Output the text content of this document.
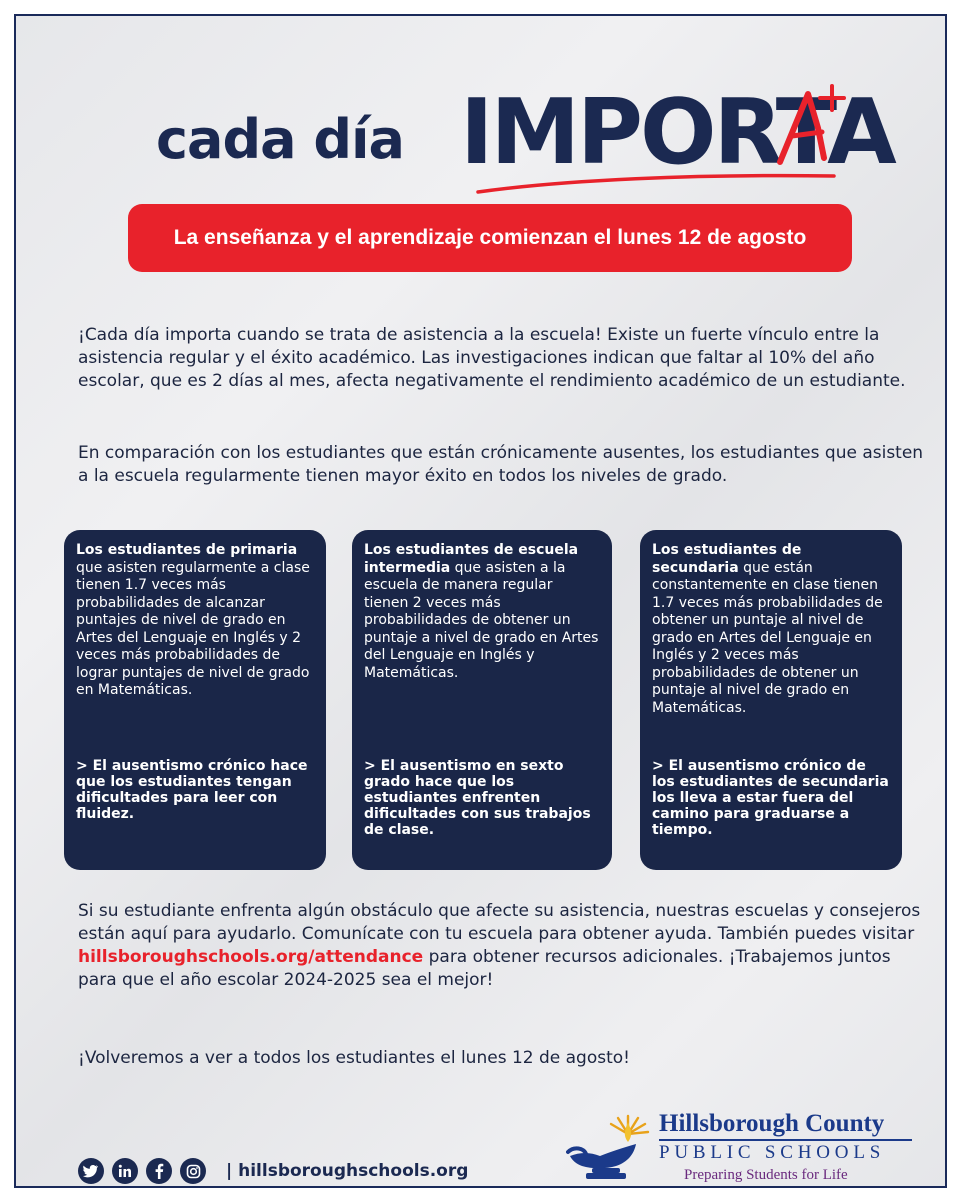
cada día IMPORTA
La enseñanza y el aprendizaje comienzan el lunes 12 de agosto

¡Cada día importa cuando se trata de asistencia a la escuela! Existe un fuerte vínculo entre la asistencia regular y el éxito académico. Las investigaciones indican que faltar al 10% del año escolar, que es 2 días al mes, afecta negativamente el rendimiento académico de un estudiante.

En comparación con los estudiantes que están crónicamente ausentes, los estudiantes que asisten a la escuela regularmente tienen mayor éxito en todos los niveles de grado.

Los estudiantes de primaria que asisten regularmente a clase tienen 1.7 veces más probabilidades de alcanzar puntajes de nivel de grado en Artes del Lenguaje en Inglés y 2 veces más probabilidades de lograr puntajes de nivel de grado en Matemáticas.

> El ausentismo crónico hace que los estudiantes tengan dificultades para leer con fluidez.

Los estudiantes de escuela intermedia que asisten a la escuela de manera regular tienen 2 veces más probabilidades de obtener un puntaje a nivel de grado en Artes del Lenguaje en Inglés y Matemáticas.

> El ausentismo en sexto grado hace que los estudiantes enfrenten dificultades con sus trabajos de clase.

Los estudiantes de secundaria que están constantemente en clase tienen 1.7 veces más probabilidades de obtener un puntaje al nivel de grado en Artes del Lenguaje en Inglés y 2 veces más probabilidades de obtener un puntaje al nivel de grado en Matemáticas.

> El ausentismo crónico de los estudiantes de secundaria los lleva a estar fuera del camino para graduarse a tiempo.

Si su estudiante enfrenta algún obstáculo que afecte su asistencia, nuestras escuelas y consejeros están aquí para ayudarlo. Comunícate con tu escuela para obtener ayuda. También puedes visitar hillsboroughschools.org/attendance para obtener recursos adicionales. ¡Trabajemos juntos para que el año escolar 2024-2025 sea el mejor!

¡Volveremos a ver a todos los estudiantes el lunes 12 de agosto!

| hillsboroughschools.org
Hillsborough County
PUBLIC SCHOOLS
Preparing Students for Life
